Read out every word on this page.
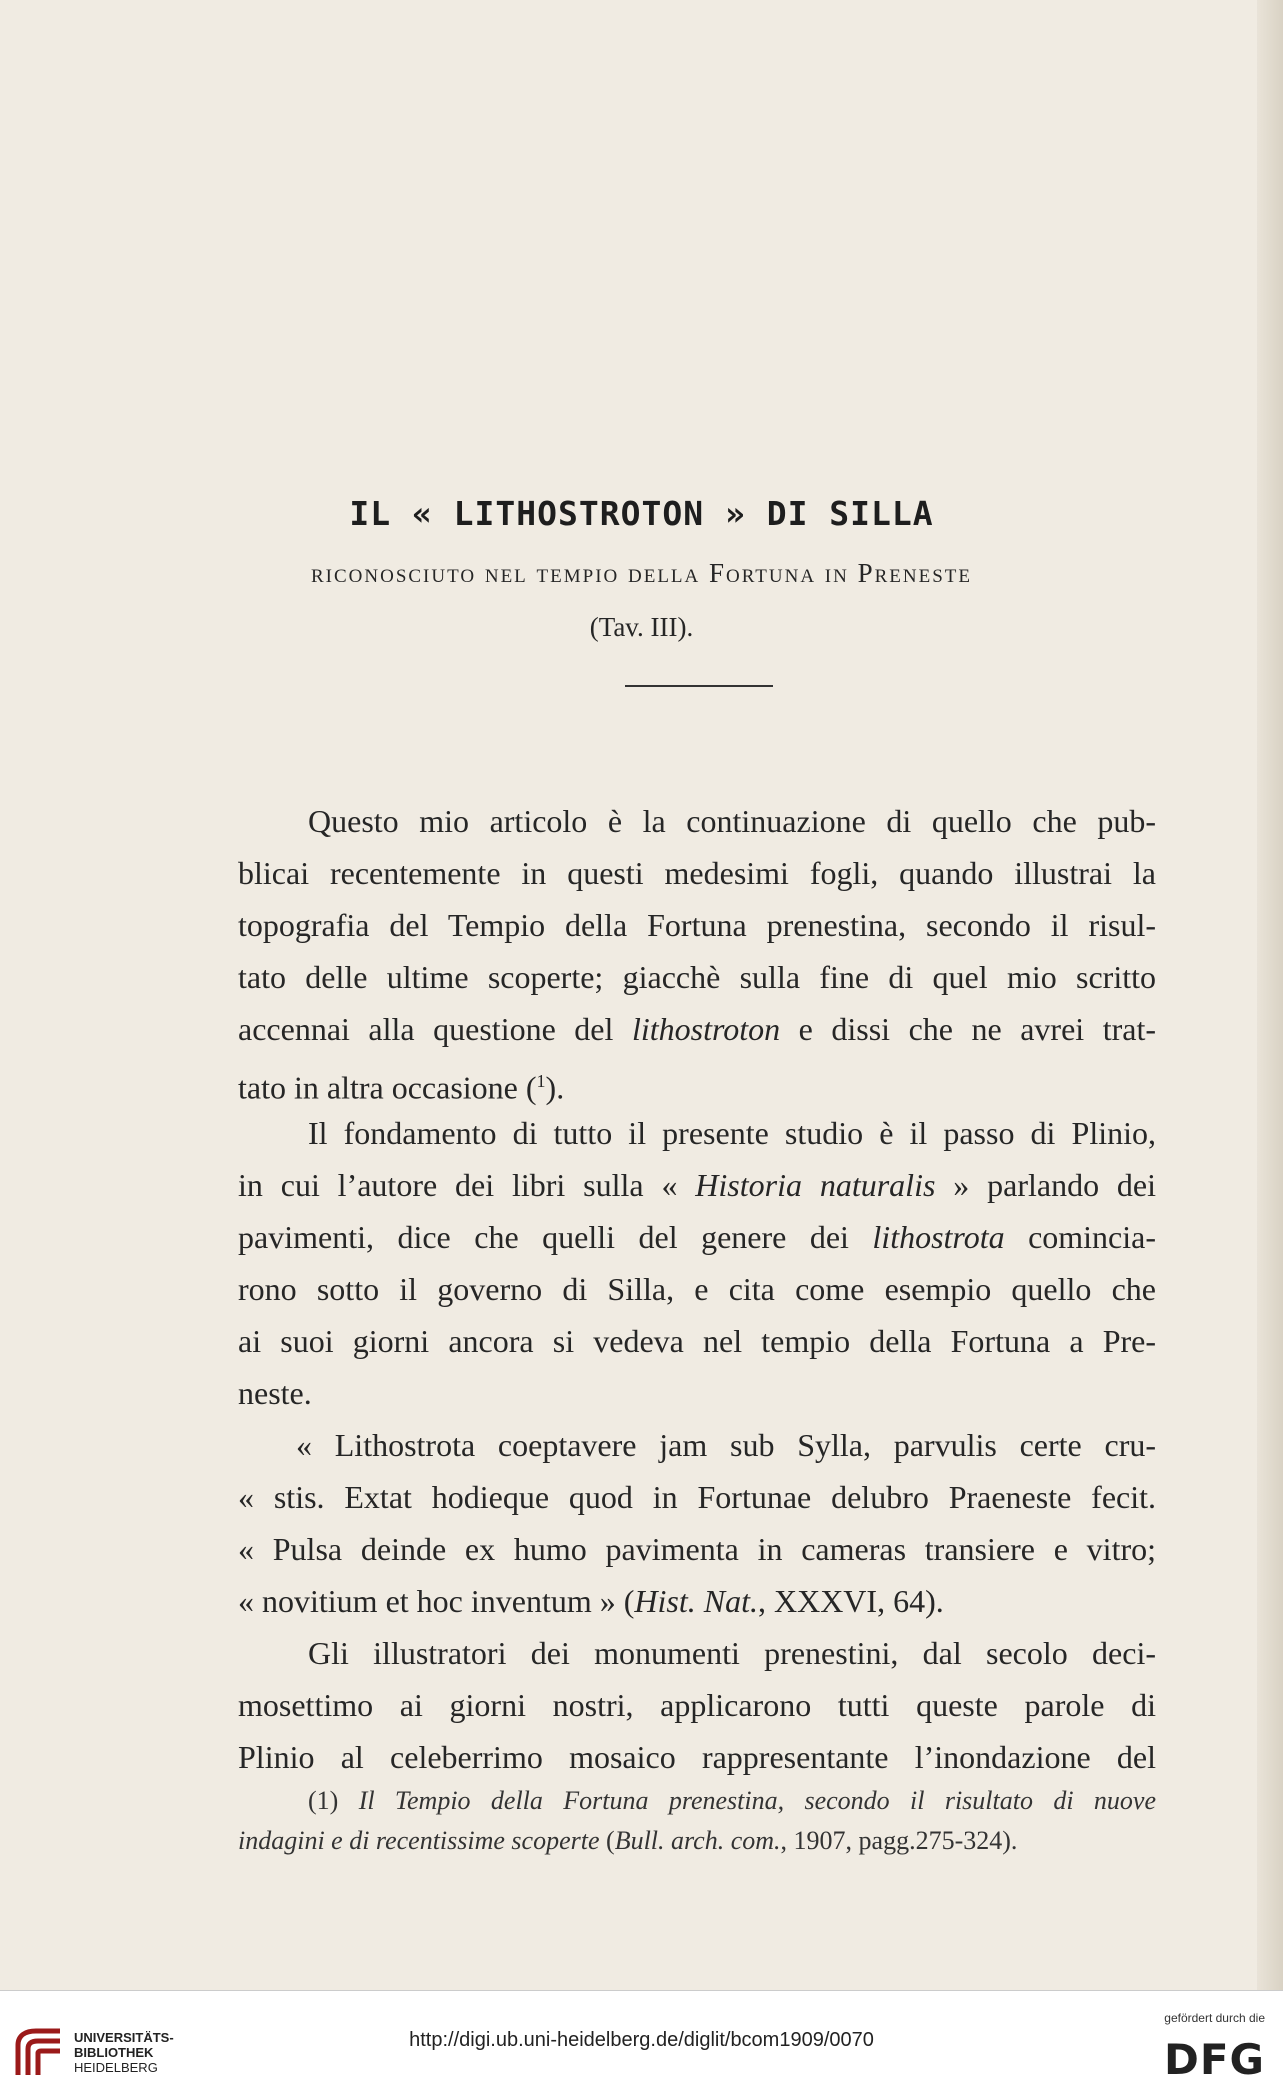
IL « LITHOSTROTON » DI SILLA
riconosciuto nel tempio della Fortuna in Preneste
(Tav. III).
Questo mio articolo è la continuazione di quello che pub-
blicai recentemente in questi medesimi fogli, quando illustrai la
topografia del Tempio della Fortuna prenestina, secondo il risul-
tato delle ultime scoperte; giacchè sulla fine di quel mio scritto
accennai alla questione del lithostroton e dissi che ne avrei trat-
tato in altra occasione ($^1$).
Il fondamento di tutto il presente studio è il passo di Plinio,
in cui l’autore dei libri sulla « Historia naturalis » parlando dei
pavimenti, dice che quelli del genere dei lithostrota comincia-
rono sotto il governo di Silla, e cita come esempio quello che
ai suoi giorni ancora si vedeva nel tempio della Fortuna a Pre-
neste.
« Lithostrota coeptavere jam sub Sylla, parvulis certe cru-
« stis. Extat hodieque quod in Fortunae delubro Praeneste fecit.
« Pulsa deinde ex humo pavimenta in cameras transiere e vitro;
« novitium et hoc inventum » (Hist. Nat., XXXVI, 64).
Gli illustratori dei monumenti prenestini, dal secolo deci-
mosettimo ai giorni nostri, applicarono tutti queste parole di
Plinio al celeberrimo mosaico rappresentante l’inondazione del
(1) Il Tempio della Fortuna prenestina, secondo il risultato di nuove
indagini e di recentissime scoperte (Bull. arch. com., 1907, pagg.275-324).
UNIVERSITÄTS-
BIBLIOTHEK
HEIDELBERG
http://digi.ub.uni-heidelberg.de/diglit/bcom1909/0070
gefördert durch die
DFG
